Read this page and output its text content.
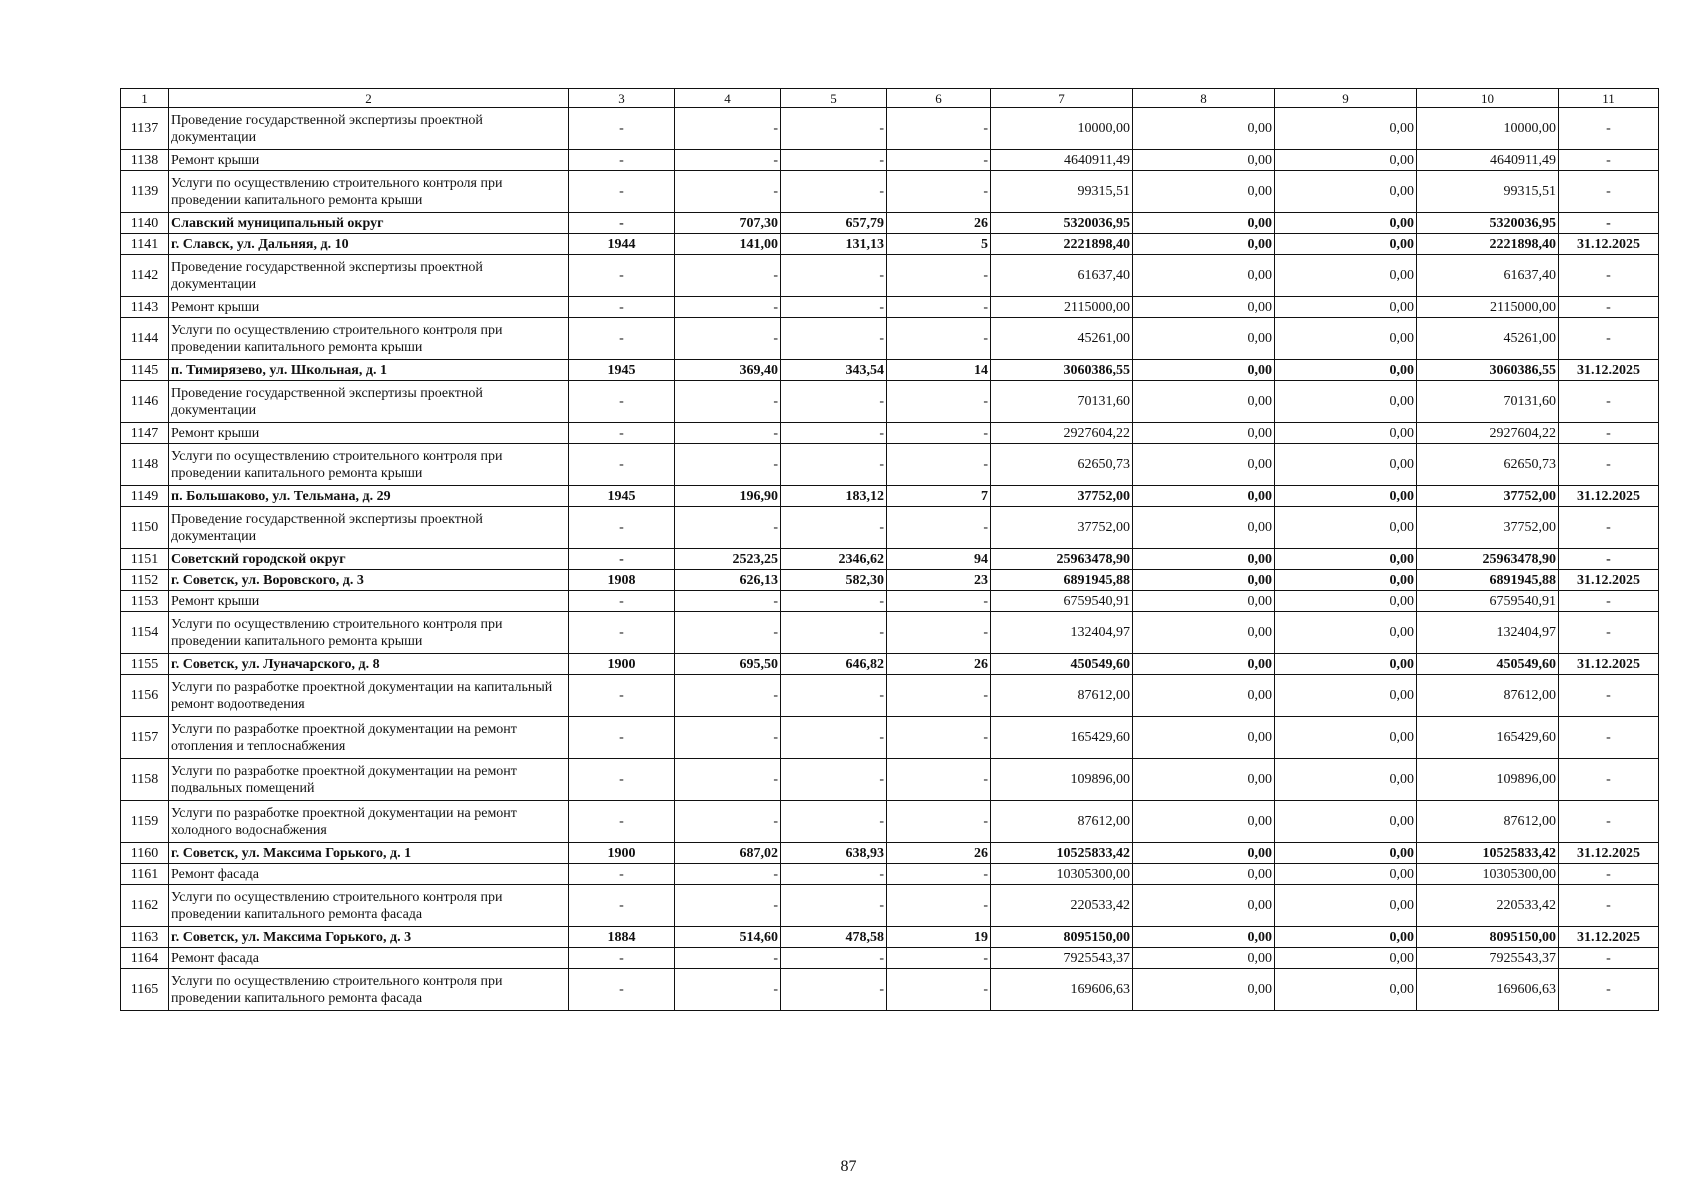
1	2	3	4	5	6	7	8	9	10	11
1137	Проведение государственной экспертизы проектной документации	-	-	-	-	10000,00	0,00	0,00	10000,00	-
1138	Ремонт крыши	-	-	-	-	4640911,49	0,00	0,00	4640911,49	-
1139	Услуги по осуществлению строительного контроля при проведении капитального ремонта крыши	-	-	-	-	99315,51	0,00	0,00	99315,51	-
1140	Славский муниципальный округ	-	707,30	657,79	26	5320036,95	0,00	0,00	5320036,95	-
1141	г. Славск, ул. Дальняя, д. 10	1944	141,00	131,13	5	2221898,40	0,00	0,00	2221898,40	31.12.2025
1142	Проведение государственной экспертизы проектной документации	-	-	-	-	61637,40	0,00	0,00	61637,40	-
1143	Ремонт крыши	-	-	-	-	2115000,00	0,00	0,00	2115000,00	-
1144	Услуги по осуществлению строительного контроля при проведении капитального ремонта крыши	-	-	-	-	45261,00	0,00	0,00	45261,00	-
1145	п. Тимирязево, ул. Школьная, д. 1	1945	369,40	343,54	14	3060386,55	0,00	0,00	3060386,55	31.12.2025
1146	Проведение государственной экспертизы проектной документации	-	-	-	-	70131,60	0,00	0,00	70131,60	-
1147	Ремонт крыши	-	-	-	-	2927604,22	0,00	0,00	2927604,22	-
1148	Услуги по осуществлению строительного контроля при проведении капитального ремонта крыши	-	-	-	-	62650,73	0,00	0,00	62650,73	-
1149	п. Большаково, ул. Тельмана, д. 29	1945	196,90	183,12	7	37752,00	0,00	0,00	37752,00	31.12.2025
1150	Проведение государственной экспертизы проектной документации	-	-	-	-	37752,00	0,00	0,00	37752,00	-
1151	Советский городской округ	-	2523,25	2346,62	94	25963478,90	0,00	0,00	25963478,90	-
1152	г. Советск, ул. Воровского, д. 3	1908	626,13	582,30	23	6891945,88	0,00	0,00	6891945,88	31.12.2025
1153	Ремонт крыши	-	-	-	-	6759540,91	0,00	0,00	6759540,91	-
1154	Услуги по осуществлению строительного контроля при проведении капитального ремонта крыши	-	-	-	-	132404,97	0,00	0,00	132404,97	-
1155	г. Советск, ул. Луначарского, д. 8	1900	695,50	646,82	26	450549,60	0,00	0,00	450549,60	31.12.2025
1156	Услуги по разработке проектной документации на капитальный ремонт водоотведения	-	-	-	-	87612,00	0,00	0,00	87612,00	-
1157	Услуги по разработке проектной документации на ремонт отопления и теплоснабжения	-	-	-	-	165429,60	0,00	0,00	165429,60	-
1158	Услуги по разработке проектной документации на ремонт подвальных помещений	-	-	-	-	109896,00	0,00	0,00	109896,00	-
1159	Услуги по разработке проектной документации на ремонт холодного водоснабжения	-	-	-	-	87612,00	0,00	0,00	87612,00	-
1160	г. Советск, ул. Максима Горького, д. 1	1900	687,02	638,93	26	10525833,42	0,00	0,00	10525833,42	31.12.2025
1161	Ремонт фасада	-	-	-	-	10305300,00	0,00	0,00	10305300,00	-
1162	Услуги по осуществлению строительного контроля при проведении капитального ремонта фасада	-	-	-	-	220533,42	0,00	0,00	220533,42	-
1163	г. Советск, ул. Максима Горького, д. 3	1884	514,60	478,58	19	8095150,00	0,00	0,00	8095150,00	31.12.2025
1164	Ремонт фасада	-	-	-	-	7925543,37	0,00	0,00	7925543,37	-
1165	Услуги по осуществлению строительного контроля при проведении капитального ремонта фасада	-	-	-	-	169606,63	0,00	0,00	169606,63	-
87
